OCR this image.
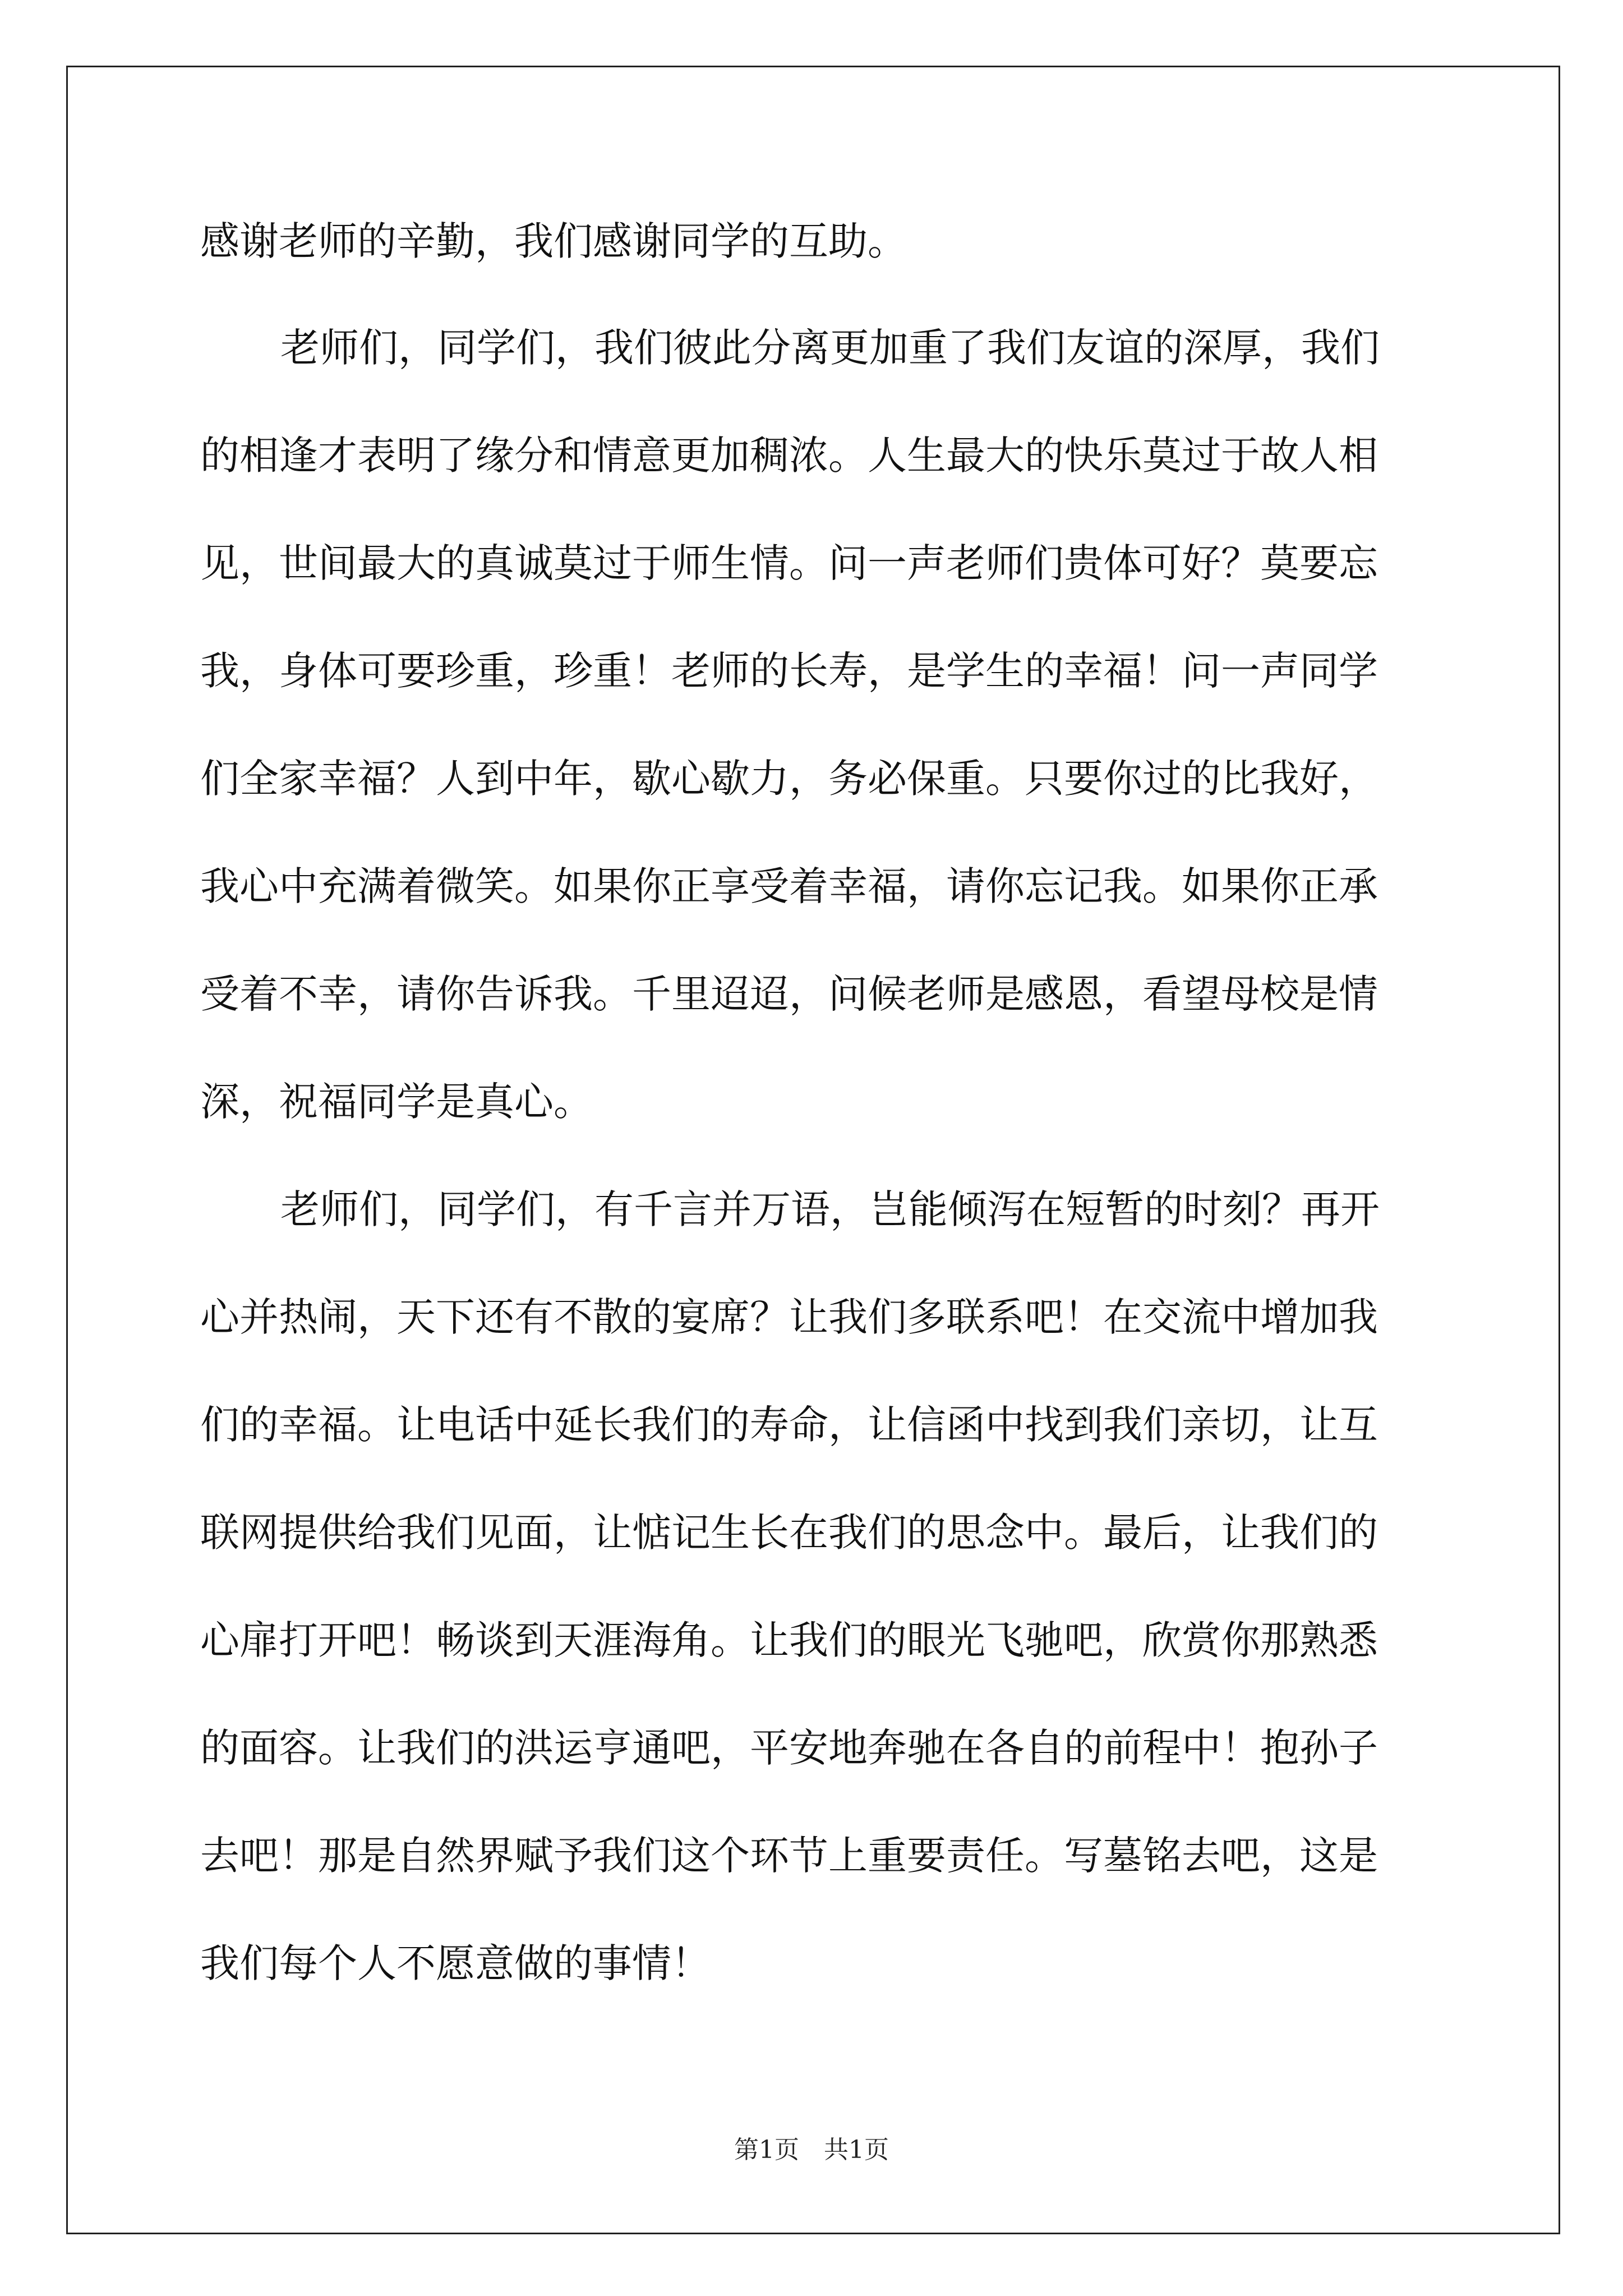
感谢老师的辛勤，我们感谢同学的互助。

老师们，同学们，我们彼此分离更加重了我们友谊的深厚，我们

的相逢才表明了缘分和情意更加稠浓。人生最大的快乐莫过于故人相

见，世间最大的真诚莫过于师生情。问一声老师们贵体可好？莫要忘

我，身体可要珍重，珍重！老师的长寿，是学生的幸福！问一声同学

们全家幸福？人到中年，歇心歇力，务必保重。只要你过的比我好，

我心中充满着微笑。如果你正享受着幸福，请你忘记我。如果你正承

受着不幸，请你告诉我。千里迢迢，问候老师是感恩，看望母校是情

深，祝福同学是真心。

老师们，同学们，有千言并万语，岂能倾泻在短暂的时刻？再开

心并热闹，天下还有不散的宴席？让我们多联系吧！在交流中增加我

们的幸福。让电话中延长我们的寿命，让信函中找到我们亲切，让互

联网提供给我们见面，让惦记生长在我们的思念中。最后，让我们的

心扉打开吧！畅谈到天涯海角。让我们的眼光飞驰吧，欣赏你那熟悉

的面容。让我们的洪运亨通吧，平安地奔驰在各自的前程中！抱孙子

去吧！那是自然界赋予我们这个环节上重要责任。写墓铭去吧，这是

我们每个人不愿意做的事情！

第1页　共1页
